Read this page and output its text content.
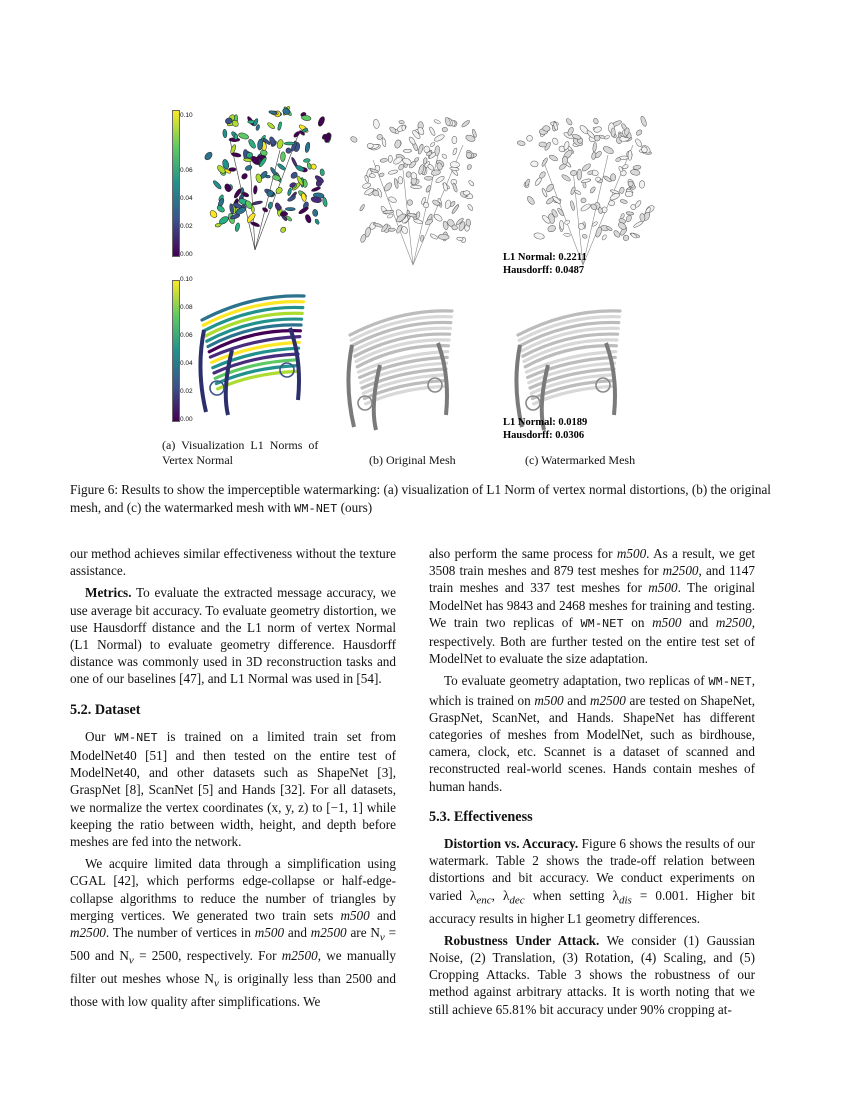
0.10
0.06
0.04
0.02
0.00	L1 Normal: 0.2211
Hausdorff: 0.0487
0.10
0.08
0.06
0.04
0.02
0.00	L1 Normal: 0.0189
Hausdorff: 0.0306
(a)  Visualization  L1  Norms  of
Vertex Normal	(b) Original Mesh	(c) Watermarked Mesh
Figure 6: Results to show the imperceptible watermarking: (a) visualization of L1 Norm of vertex normal distortions, (b) the original mesh, and (c) the watermarked mesh with WM-NET (ours)

our method achieves similar effectiveness without the texture assistance.

Metrics. To evaluate the extracted message accuracy, we use average bit accuracy. To evaluate geometry distortion, we use Hausdorff distance and the L1 norm of vertex Normal (L1 Normal) to evaluate geometry difference. Hausdorff distance was commonly used in 3D reconstruction tasks and one of our baselines [47], and L1 Normal was used in [54].

5.2. Dataset

Our WM-NET is trained on a limited train set from ModelNet40 [51] and then tested on the entire test of ModelNet40, and other datasets such as ShapeNet [3], GraspNet [8], ScanNet [5] and Hands [32]. For all datasets, we normalize the vertex coordinates (x, y, z) to [−1, 1] while keeping the ratio between width, height, and depth before meshes are fed into the network.

We acquire limited data through a simplification using CGAL [42], which performs edge-collapse or half-edge-collapse algorithms to reduce the number of triangles by merging vertices. We generated two train sets m500 and m2500. The number of vertices in m500 and m2500 are $N_v = 500$ and $N_v = 2500$, respectively. For m2500, we manually filter out meshes whose $N_v$ is originally less than 2500 and those with low quality after simplifications. We

also perform the same process for m500. As a result, we get 3508 train meshes and 879 test meshes for m2500, and 1147 train meshes and 337 test meshes for m500. The original ModelNet has 9843 and 2468 meshes for training and testing. We train two replicas of WM-NET on m500 and m2500, respectively. Both are further tested on the entire test set of ModelNet to evaluate the size adaptation.

To evaluate geometry adaptation, two replicas of WM-NET, which is trained on m500 and m2500 are tested on ShapeNet, GraspNet, ScanNet, and Hands. ShapeNet has different categories of meshes from ModelNet, such as birdhouse, camera, clock, etc. Scannet is a dataset of scanned and reconstructed real-world scenes. Hands contain meshes of human hands.

5.3. Effectiveness

Distortion vs. Accuracy. Figure 6 shows the results of our watermark. Table 2 shows the trade-off relation between distortions and bit accuracy. We conduct experiments on varied $\lambda_{enc}$, $\lambda_{dec}$ when setting $\lambda_{dis} = 0.001$. Higher bit accuracy results in higher L1 geometry differences.

Robustness Under Attack. We consider (1) Gaussian Noise, (2) Translation, (3) Rotation, (4) Scaling, and (5) Cropping Attacks. Table 3 shows the robustness of our method against arbitrary attacks. It is worth noting that we still achieve 65.81% bit accuracy under 90% cropping at-
